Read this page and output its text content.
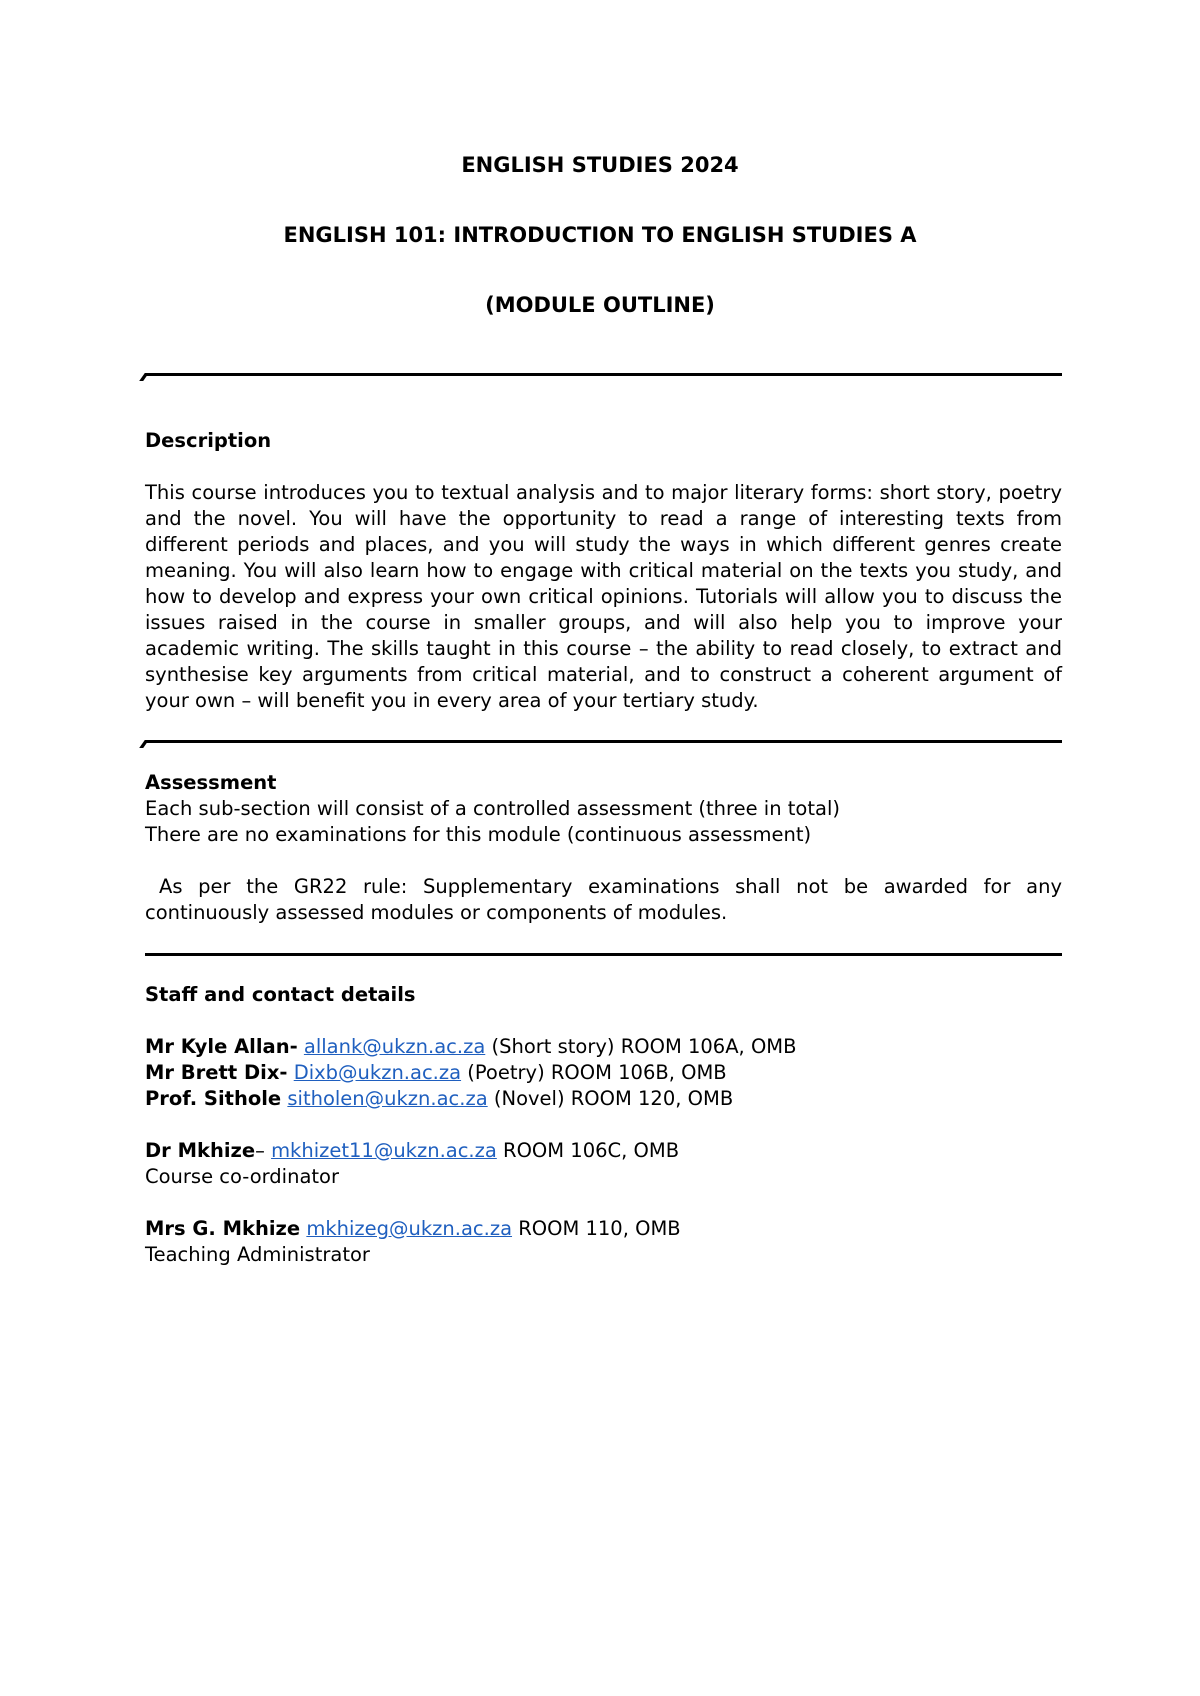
ENGLISH STUDIES 2024
ENGLISH 101: INTRODUCTION TO ENGLISH STUDIES A
(MODULE OUTLINE)
Description

This course introduces you to textual analysis and to major literary forms: short story, poetry and the novel. You will have the opportunity to read a range of interesting texts from different periods and places, and you will study the ways in which different genres create meaning. You will also learn how to engage with critical material on the texts you study, and how to develop and express your own critical opinions. Tutorials will allow you to discuss the issues raised in the course in smaller groups, and will also help you to improve your academic writing. The skills taught in this course – the ability to read closely, to extract and synthesise key arguments from critical material, and to construct a coherent argument of your own – will benefit you in every area of your tertiary study.

Assessment

Each sub-section will consist of a controlled assessment (three in total)

There are no examinations for this module (continuous assessment)

As per the GR22 rule: Supplementary examinations shall not be awarded for any continuously assessed modules or components of modules.

Staff and contact details

Mr Kyle Allan- allank@ukzn.ac.za (Short story) ROOM 106A, OMB

Mr Brett Dix- Dixb@ukzn.ac.za (Poetry) ROOM 106B, OMB

Prof. Sithole sitholen@ukzn.ac.za (Novel) ROOM 120, OMB

Dr Mkhize– mkhizet11@ukzn.ac.za ROOM 106C, OMB

Course co-ordinator

Mrs G. Mkhize mkhizeg@ukzn.ac.za ROOM 110, OMB

Teaching Administrator
